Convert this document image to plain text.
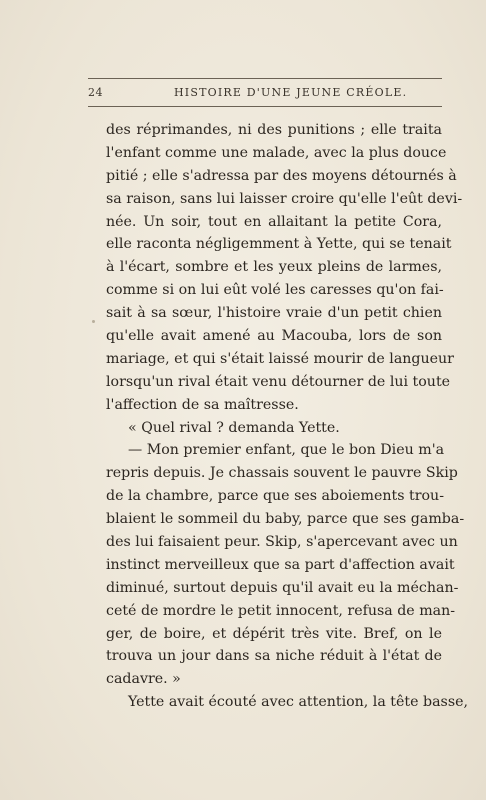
24	HISTOIRE D'UNE JEUNE CRÉOLE.
des réprimandes, ni des punitions ; elle traita
l'enfant comme une malade, avec la plus douce
pitié ; elle s'adressa par des moyens détournés à
sa raison, sans lui laisser croire qu'elle l'eût devi-
née. Un soir, tout en allaitant la petite Cora,
elle raconta négligemment à Yette, qui se tenait
à l'écart, sombre et les yeux pleins de larmes,
comme si on lui eût volé les caresses qu'on fai-
sait à sa sœur, l'histoire vraie d'un petit chien
qu'elle avait amené au Macouba, lors de son
mariage, et qui s'était laissé mourir de langueur
lorsqu'un rival était venu détourner de lui toute
l'affection de sa maîtresse.
« Quel rival ? demanda Yette.
— Mon premier enfant, que le bon Dieu m'a
repris depuis. Je chassais souvent le pauvre Skip
de la chambre, parce que ses aboiements trou-
blaient le sommeil du baby, parce que ses gamba-
des lui faisaient peur. Skip, s'apercevant avec un
instinct merveilleux que sa part d'affection avait
diminué, surtout depuis qu'il avait eu la méchan-
ceté de mordre le petit innocent, refusa de man-
ger, de boire, et dépérit très vite. Bref, on le
trouva un jour dans sa niche réduit à l'état de
cadavre. »
Yette avait écouté avec attention, la tête basse,
